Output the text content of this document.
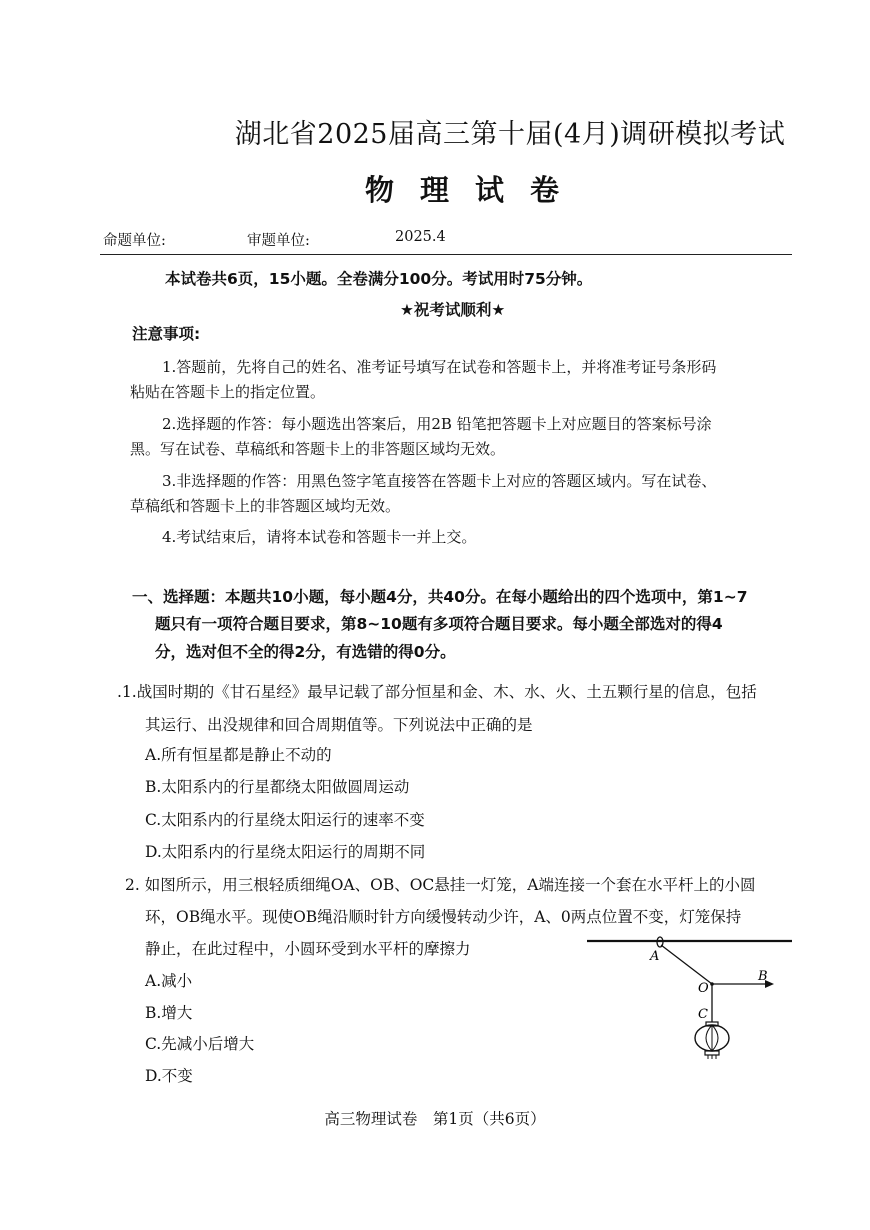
湖北省2025届高三第十届(4月)调研模拟考试
物理试卷
命题单位:	审题单位:	2025.4
本试卷共6页，15小题。全卷满分100分。考试用时75分钟。
★祝考试顺利★
注意事项:
1.答题前，先将自己的姓名、准考证号填写在试卷和答题卡上，并将准考证号条形码
粘贴在答题卡上的指定位置。
2.选择题的作答：每小题选出答案后，用2B 铅笔把答题卡上对应题目的答案标号涂
黑。写在试卷、草稿纸和答题卡上的非答题区域均无效。
3.非选择题的作答：用黑色签字笔直接答在答题卡上对应的答题区域内。写在试卷、
草稿纸和答题卡上的非答题区域均无效。
4.考试结束后，请将本试卷和答题卡一并上交。
一、选择题：本题共10小题，每小题4分，共40分。在每小题给出的四个选项中，第1~7
题只有一项符合题目要求，第8~10题有多项符合题目要求。每小题全部选对的得4
分，选对但不全的得2分，有选错的得0分。
.1.战国时期的《甘石星经》最早记载了部分恒星和金、木、水、火、土五颗行星的信息，包括
其运行、出没规律和回合周期值等。下列说法中正确的是
A.所有恒星都是静止不动的
B.太阳系内的行星都绕太阳做圆周运动
C.太阳系内的行星绕太阳运行的速率不变
D.太阳系内的行星绕太阳运行的周期不同
2. 如图所示，用三根轻质细绳OA、OB、OC悬挂一灯笼，A端连接一个套在水平杆上的小圆
环，OB绳水平。现使OB绳沿顺时针方向缓慢转动少许，A、0两点位置不变，灯笼保持
静止，在此过程中，小圆环受到水平杆的摩擦力
A.减小
B.增大
C.先减小后增大
D.不变
A
B
O
C
高三物理试卷　第1页（共6页）
